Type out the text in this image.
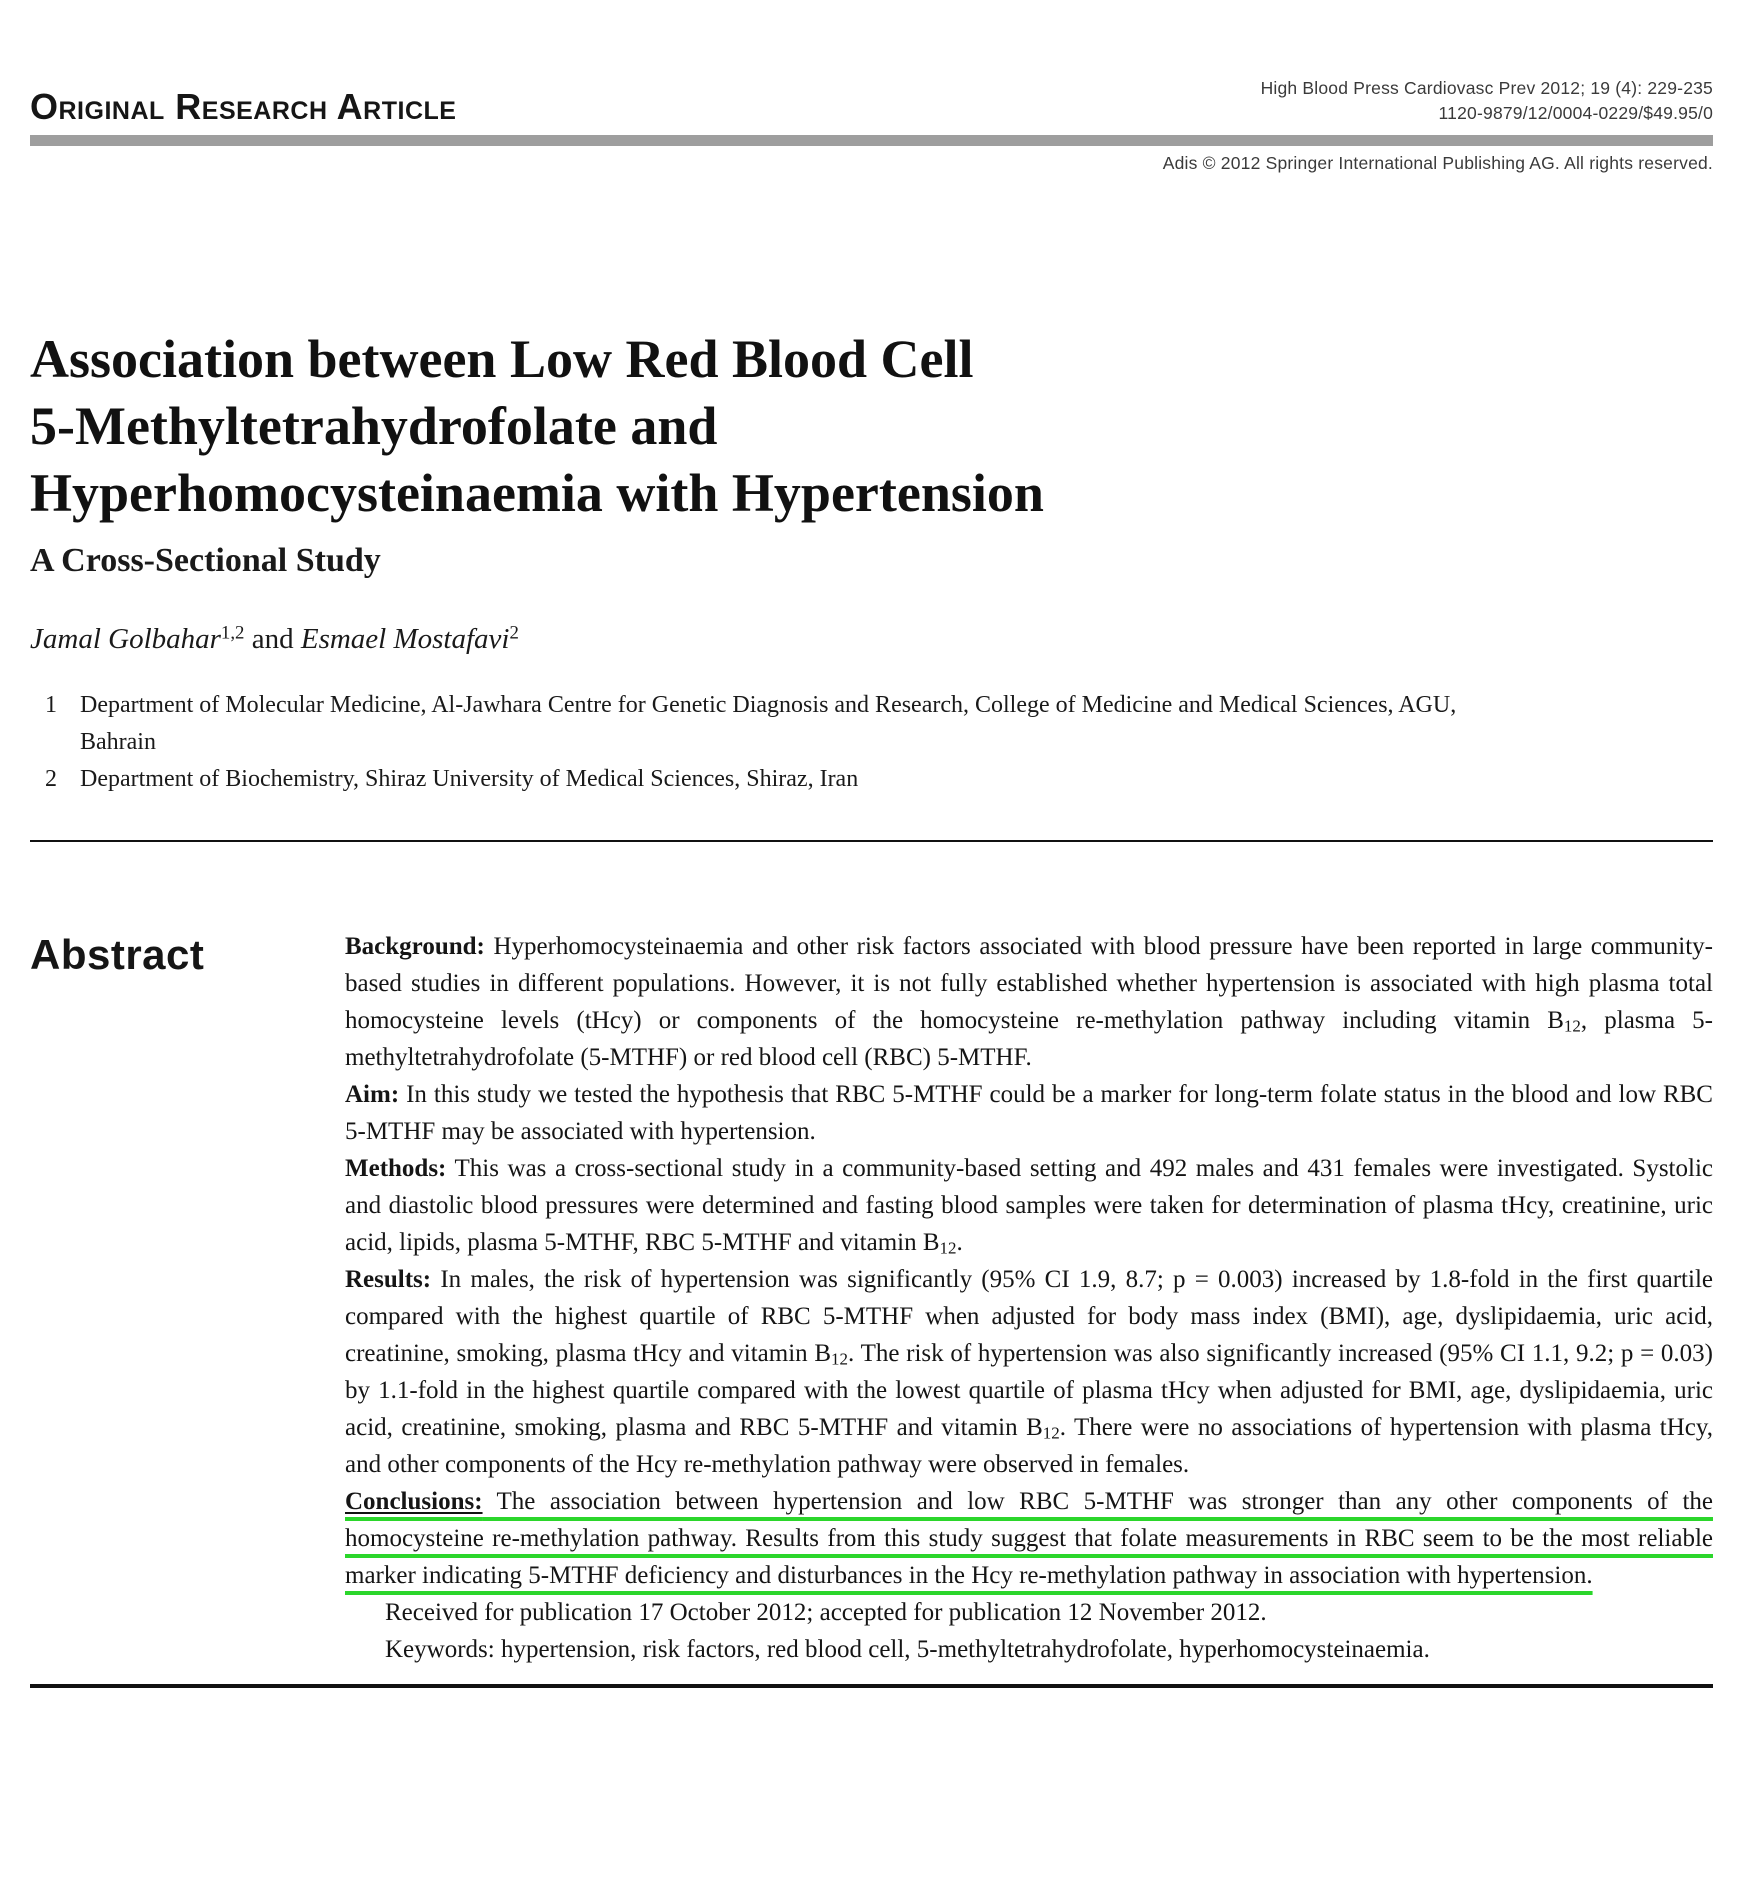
Original Research Article	High Blood Press Cardiovasc Prev 2012; 19 (4): 229-235
1120-9879/12/0004-0229/$49.95/0
Adis © 2012 Springer International Publishing AG. All rights reserved.
Association between Low Red Blood Cell
5-Methyltetrahydrofolate and
Hyperhomocysteinaemia with Hypertension
A Cross-Sectional Study
Jamal Golbahar$^{1,2}$ and Esmael Mostafavi$^2$
1 Department of Molecular Medicine, Al-Jawhara Centre for Genetic Diagnosis and Research, College of Medicine and Medical Sciences, AGU, Bahrain
2 Department of Biochemistry, Shiraz University of Medical Sciences, Shiraz, Iran
Abstract	Background: Hyperhomocysteinaemia and other risk factors associated with blood pressure have been reported in large community-based studies in different populations. However, it is not fully established whether hypertension is associated with high plasma total homocysteine levels (tHcy) or components of the homocysteine re-methylation pathway including vitamin $B_{12}$, plasma 5-methyltetrahydrofolate (5-MTHF) or red blood cell (RBC) 5-MTHF.

Aim: In this study we tested the hypothesis that RBC 5-MTHF could be a marker for long-term folate status in the blood and low RBC 5-MTHF may be associated with hypertension.

Methods: This was a cross-sectional study in a community-based setting and 492 males and 431 females were investigated. Systolic and diastolic blood pressures were determined and fasting blood samples were taken for determination of plasma tHcy, creatinine, uric acid, lipids, plasma 5-MTHF, RBC 5-MTHF and vitamin $B_{12}$.

Results: In males, the risk of hypertension was significantly (95% CI 1.9, 8.7; p = 0.003) increased by 1.8-fold in the first quartile compared with the highest quartile of RBC 5-MTHF when adjusted for body mass index (BMI), age, dyslipidaemia, uric acid, creatinine, smoking, plasma tHcy and vitamin $B_{12}$. The risk of hypertension was also significantly increased (95% CI 1.1, 9.2; p = 0.03) by 1.1-fold in the highest quartile compared with the lowest quartile of plasma tHcy when adjusted for BMI, age, dyslipidaemia, uric acid, creatinine, smoking, plasma and RBC 5-MTHF and vitamin $B_{12}$. There were no associations of hypertension with plasma tHcy, and other components of the Hcy re-methylation pathway were observed in females.

Conclusions: The association between hypertension and low RBC 5-MTHF was stronger than any other components of the homocysteine re-methylation pathway. Results from this study suggest that folate measurements in RBC seem to be the most reliable marker indicating 5-MTHF deficiency and disturbances in the Hcy re-methylation pathway in association with hypertension.

Received for publication 17 October 2012; accepted for publication 12 November 2012.

Keywords: hypertension, risk factors, red blood cell, 5-methyltetrahydrofolate, hyperhomocysteinaemia.
